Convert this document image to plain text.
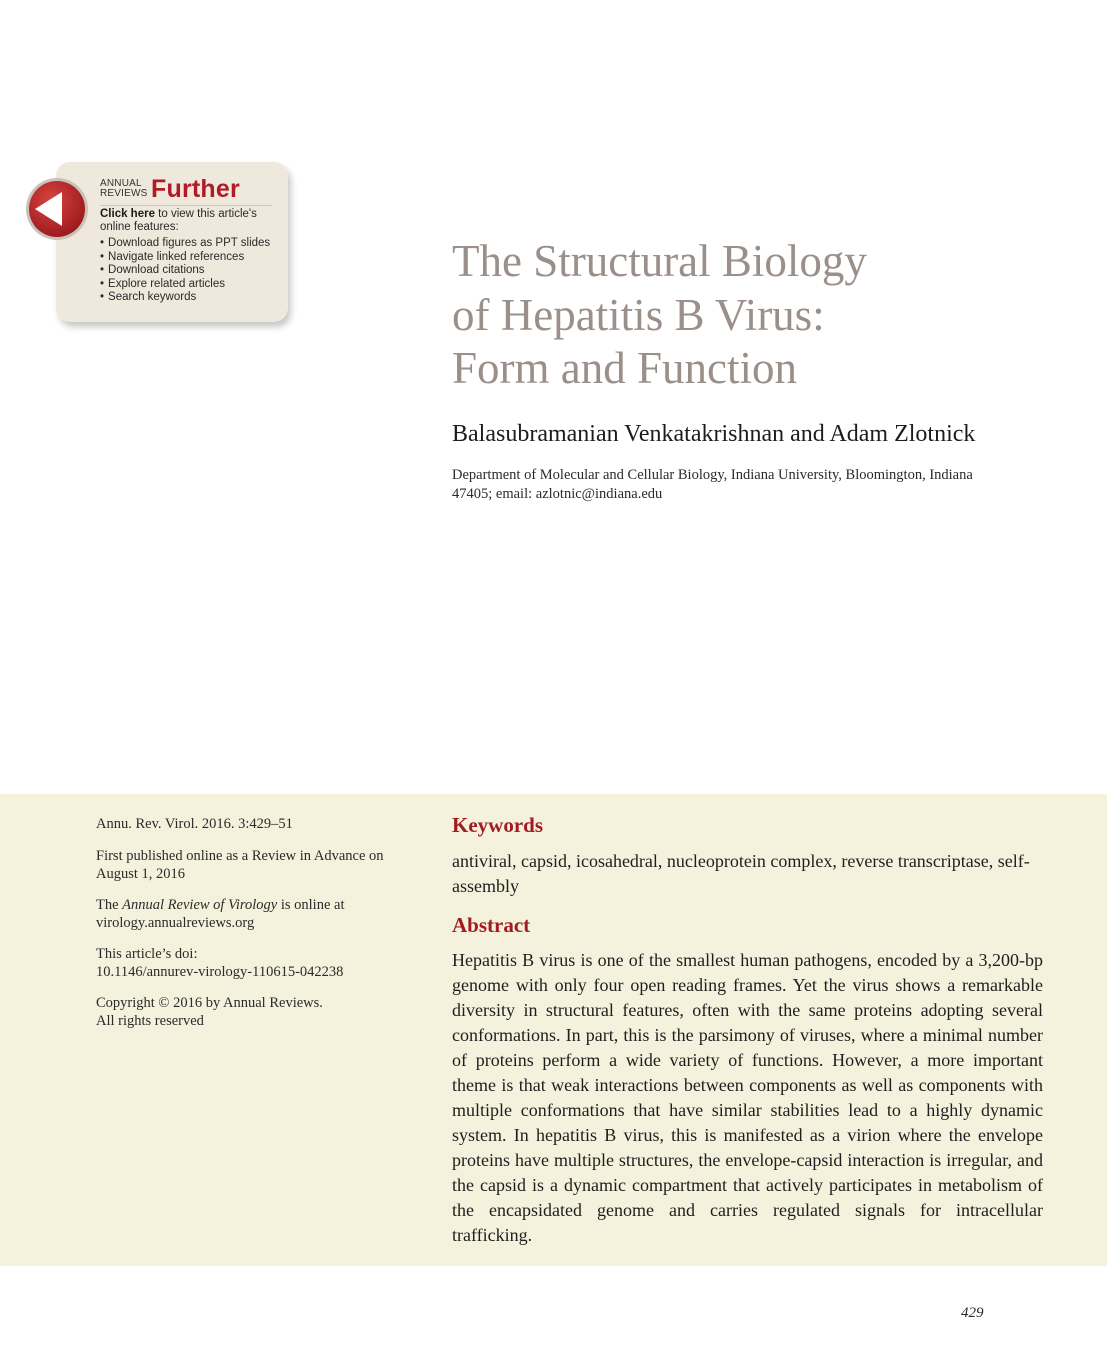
ANNUAL
REVIEWS Further
Click here to view this article's online features:
• Download figures as PPT slides
• Navigate linked references
• Download citations
• Explore related articles
• Search keywords
The Structural Biology
of Hepatitis B Virus:
Form and Function
Balasubramanian Venkatakrishnan and Adam Zlotnick
Department of Molecular and Cellular Biology, Indiana University, Bloomington, Indiana 47405; email: azlotnic@indiana.edu

Annu. Rev. Virol. 2016. 3:429–51

First published online as a Review in Advance on August 1, 2016

The Annual Review of Virology is online at virology.annualreviews.org

This article’s doi:
10.1146/annurev-virology-110615-042238

Copyright © 2016 by Annual Reviews.
All rights reserved

Keywords
antiviral, capsid, icosahedral, nucleoprotein complex, reverse transcriptase, self-assembly
Abstract
Hepatitis B virus is one of the smallest human pathogens, encoded by a 3,200-bp genome with only four open reading frames. Yet the virus shows a remarkable diversity in structural features, often with the same proteins adopting several conformations. In part, this is the parsimony of viruses, where a minimal number of proteins perform a wide variety of functions. However, a more important theme is that weak interactions between components as well as components with multiple conformations that have similar stabilities lead to a highly dynamic system. In hepatitis B virus, this is manifested as a virion where the envelope proteins have multiple structures, the envelope-capsid interaction is irregular, and the capsid is a dynamic compartment that actively participates in metabolism of the encapsidated genome and carries regulated signals for intracellular trafficking.
429
